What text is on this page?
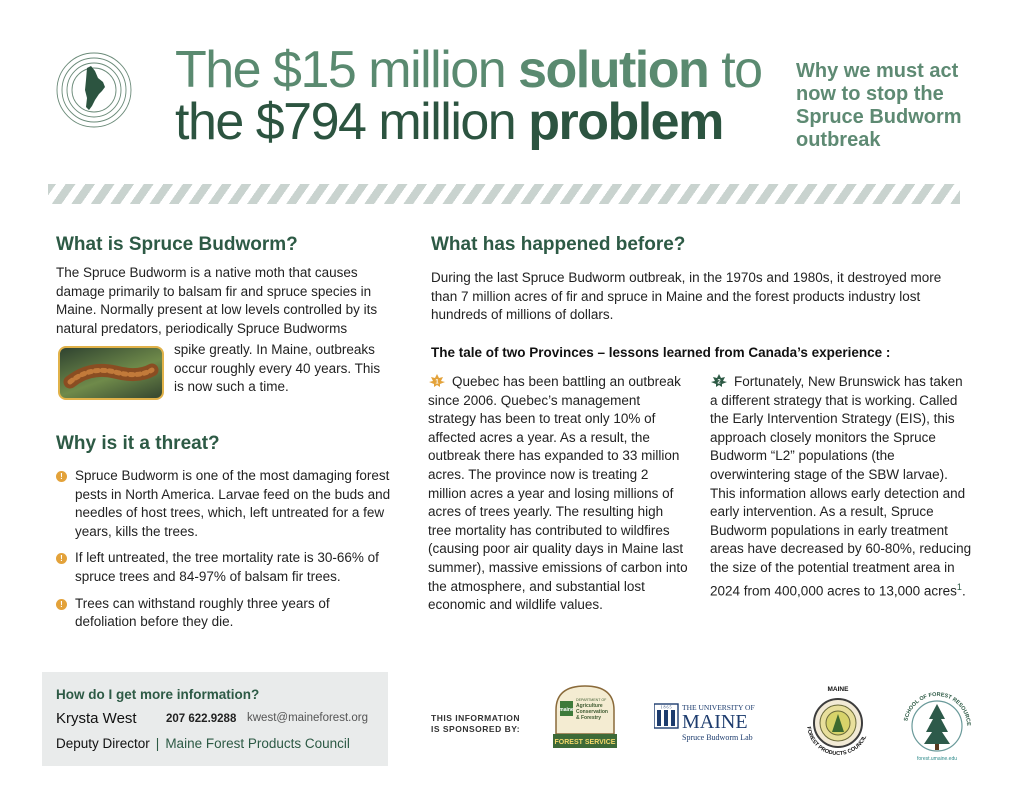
The $15 million solution to
the $794 million problem
Why we must act now to stop the Spruce Budworm outbreak
What is Spruce Budworm?
The Spruce Budworm is a native moth that causes damage primarily to balsam fir and spruce species in Maine. Normally present at low levels controlled by its natural predators, periodically Spruce Budworms
spike greatly. In Maine, outbreaks occur roughly every 40 years. This is now such a time.
Why is it a threat?
! Spruce Budworm is one of the most damaging forest pests in North America. Larvae feed on the buds and needles of host trees, which, left untreated for a few years, kills the trees.
! If left untreated, the tree mortality rate is 30-66% of spruce trees and 84-97% of balsam fir trees.
! Trees can withstand roughly three years of defoliation before they die.
What has happened before?
During the last Spruce Budworm outbreak, in the 1970s and 1980s, it destroyed more than 7 million acres of fir and spruce in Maine and the forest products industry lost hundreds of millions of dollars.
The tale of two Provinces – lessons learned from Canada’s experience :
1 Quebec has been battling an outbreak since 2006. Quebec’s management strategy has been to treat only 10% of affected acres a year. As a result, the outbreak there has expanded to 33 million acres. The province now is treating 2 million acres a year and losing millions of acres of trees yearly. The resulting high tree mortality has contributed to wildfires (causing poor air quality days in Maine last summer), massive emissions of carbon into the atmosphere, and substantial lost economic and wildlife values.
2 Fortunately, New Brunswick has taken a different strategy that is working. Called the Early Intervention Strategy (EIS), this approach closely monitors the Spruce Budworm “L2” populations (the overwintering stage of the SBW larvae). This information allows early detection and early intervention. As a result, Spruce Budworm populations in early treatment areas have decreased by 60-80%, reducing the size of the potential treatment area in 2024 from 400,000 acres to 13,000 acres$^1$.
How do I get more information?
Krysta West	207 622.9288 kwest@maineforest.org
Deputy Director | Maine Forest Products Council
THIS INFORMATION IS SPONSORED BY:
maine
DEPARTMENT OF
Agriculture
Conservation
& Forestry
FOREST SERVICE
1 8 6 5 THE UNIVERSITY OF
MAINE
Spruce Budworm Lab
MAINE
FOREST PRODUCTS COUNCIL
SCHOOL OF FOREST RESOURCE
forest.umaine.edu
